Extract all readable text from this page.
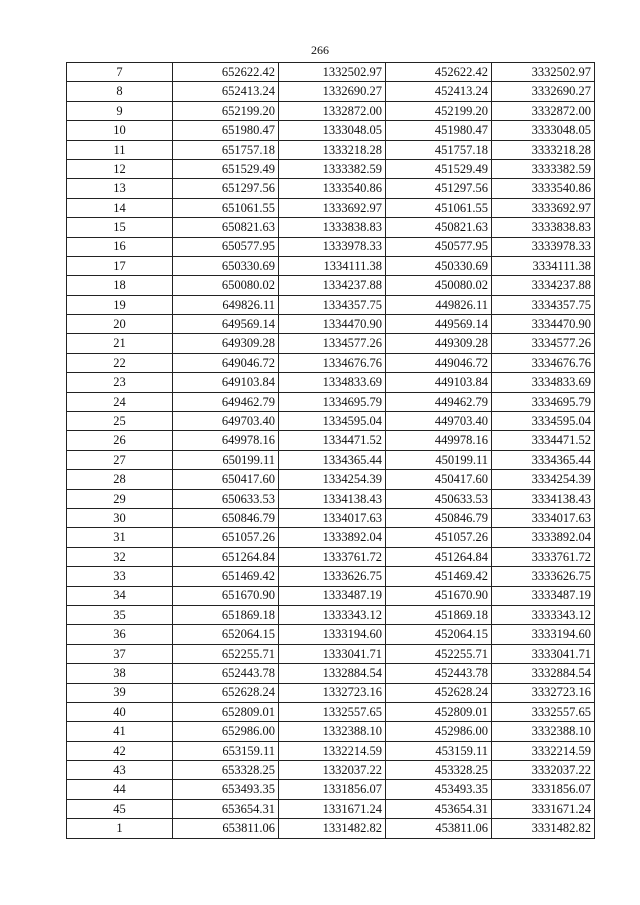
266
7	652622.42	1332502.97	452622.42	3332502.97
8	652413.24	1332690.27	452413.24	3332690.27
9	652199.20	1332872.00	452199.20	3332872.00
10	651980.47	1333048.05	451980.47	3333048.05
11	651757.18	1333218.28	451757.18	3333218.28
12	651529.49	1333382.59	451529.49	3333382.59
13	651297.56	1333540.86	451297.56	3333540.86
14	651061.55	1333692.97	451061.55	3333692.97
15	650821.63	1333838.83	450821.63	3333838.83
16	650577.95	1333978.33	450577.95	3333978.33
17	650330.69	1334111.38	450330.69	3334111.38
18	650080.02	1334237.88	450080.02	3334237.88
19	649826.11	1334357.75	449826.11	3334357.75
20	649569.14	1334470.90	449569.14	3334470.90
21	649309.28	1334577.26	449309.28	3334577.26
22	649046.72	1334676.76	449046.72	3334676.76
23	649103.84	1334833.69	449103.84	3334833.69
24	649462.79	1334695.79	449462.79	3334695.79
25	649703.40	1334595.04	449703.40	3334595.04
26	649978.16	1334471.52	449978.16	3334471.52
27	650199.11	1334365.44	450199.11	3334365.44
28	650417.60	1334254.39	450417.60	3334254.39
29	650633.53	1334138.43	450633.53	3334138.43
30	650846.79	1334017.63	450846.79	3334017.63
31	651057.26	1333892.04	451057.26	3333892.04
32	651264.84	1333761.72	451264.84	3333761.72
33	651469.42	1333626.75	451469.42	3333626.75
34	651670.90	1333487.19	451670.90	3333487.19
35	651869.18	1333343.12	451869.18	3333343.12
36	652064.15	1333194.60	452064.15	3333194.60
37	652255.71	1333041.71	452255.71	3333041.71
38	652443.78	1332884.54	452443.78	3332884.54
39	652628.24	1332723.16	452628.24	3332723.16
40	652809.01	1332557.65	452809.01	3332557.65
41	652986.00	1332388.10	452986.00	3332388.10
42	653159.11	1332214.59	453159.11	3332214.59
43	653328.25	1332037.22	453328.25	3332037.22
44	653493.35	1331856.07	453493.35	3331856.07
45	653654.31	1331671.24	453654.31	3331671.24
1	653811.06	1331482.82	453811.06	3331482.82
